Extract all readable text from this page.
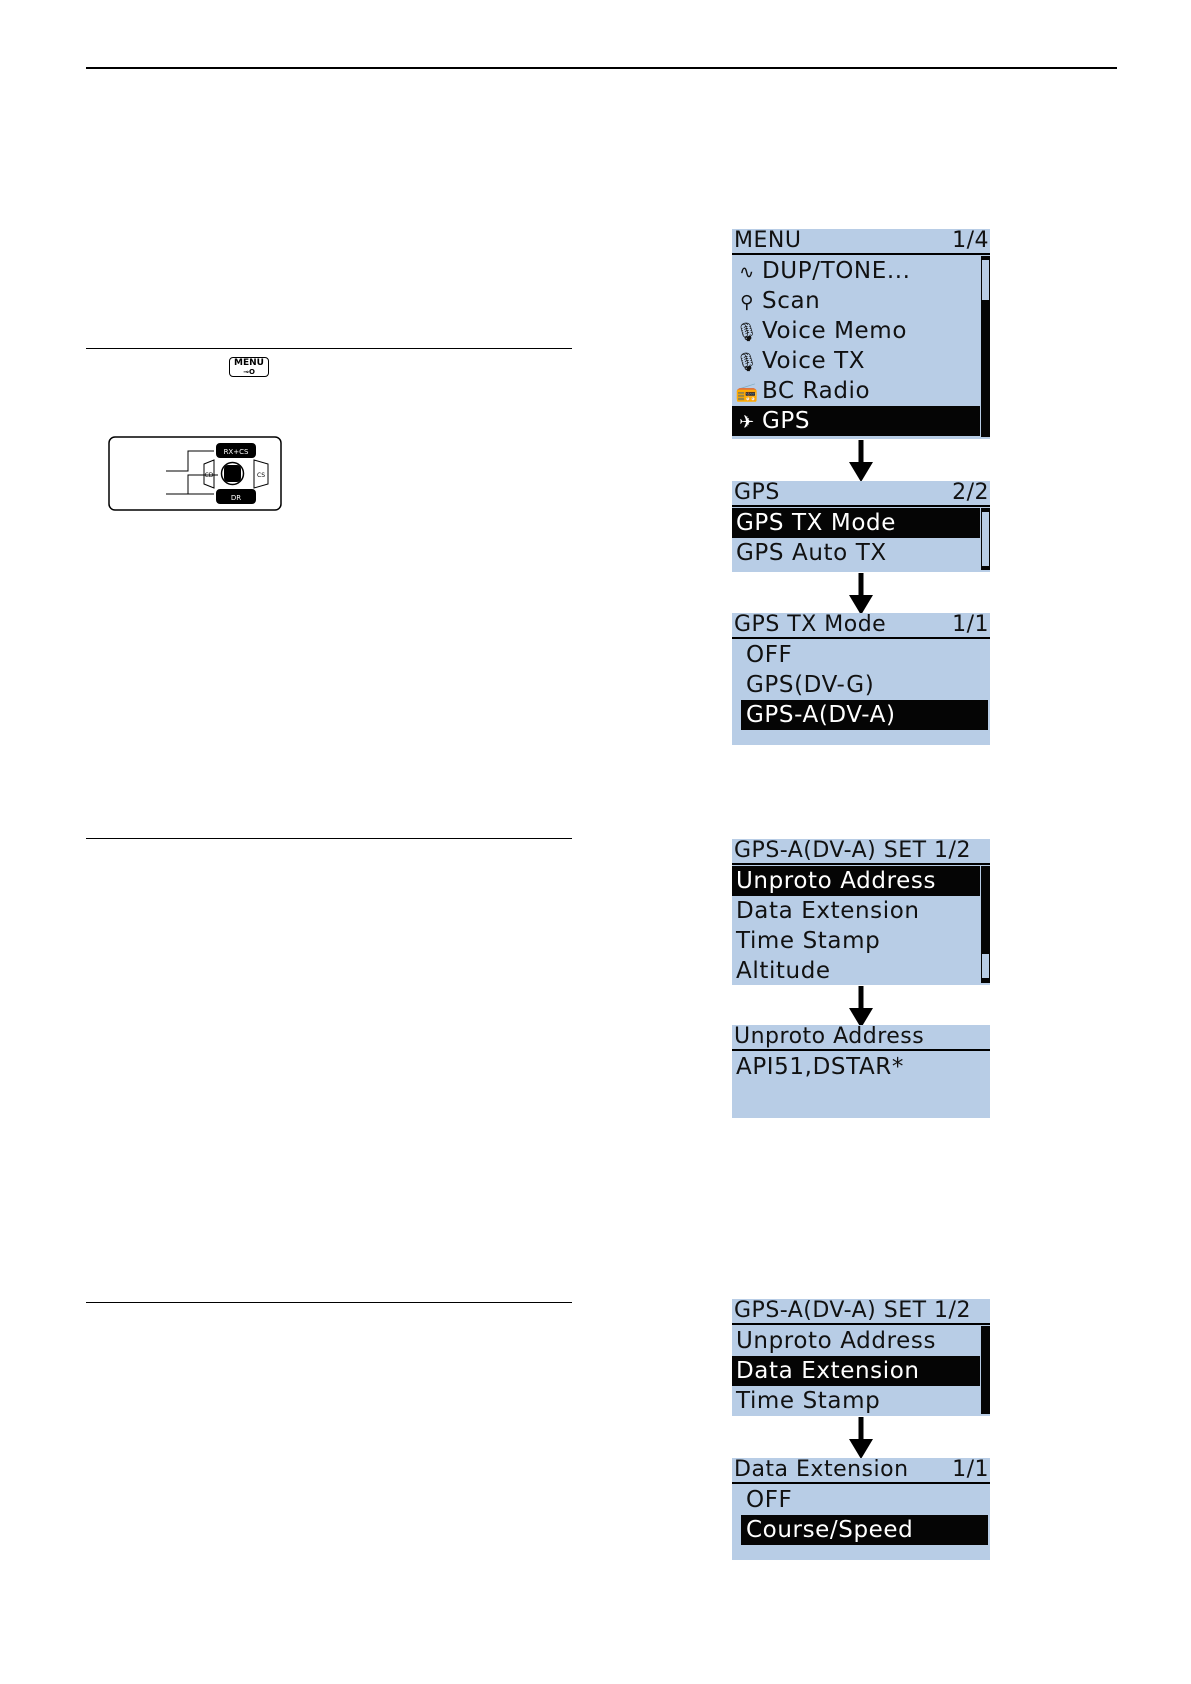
MENU
⊸O
RX+CS
DR
CD	CS
MENU	1/4
∿ DUP/TONE...
⚲ Scan
🎙 Voice Memo
🎙 Voice TX
📻 BC Radio
✈ GPS
GPS	2/2
GPS TX Mode
GPS Auto TX
GPS TX Mode	1/1
OFF
GPS(DV-G)
GPS-A(DV-A)
GPS-A(DV-A) SET 1/2
Unproto Address
Data Extension
Time Stamp
Altitude
Unproto Address
API51,DSTAR*
GPS-A(DV-A) SET 1/2
Unproto Address
Data Extension
Time Stamp
Data Extension 1/1
OFF
Course/Speed
